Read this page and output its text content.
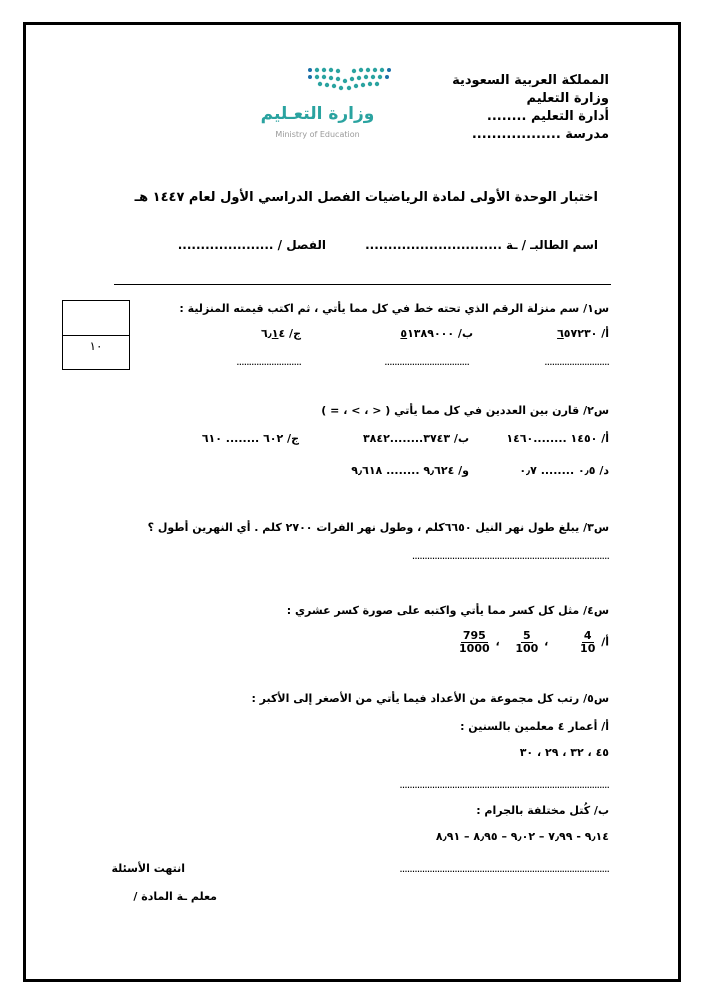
المملكة العربية السعودية
وزارة التعليم
أدارة التعليم ........
مدرسة ..................
وزارة التعـليم
Ministry of Education
اختبار الوحدة الأولى لمادة الرياضيات الفصل الدراسي الأول لعام ١٤٤٧ هـ
اسم الطالبـ / ـة ..............................
الفصل / .....................
١٠
س١/ سم منزلة الرقم الذي تحته خط في كل مما يأتي ، ثم اكتب قيمته المنزلية :
أ/ ٦٥٧٢٣٠
ب/ ٥١٣٨٩٠٠٠
ج/ ٦٫١٤
..........................
..................................
..........................
س٢/ قارن بين العددين في كل مما يأتي ( < ، > ، = )
أ/ ١٤٥٠ ........١٤٦٠
ب/ ٣٧٤٣........٣٨٤٢
ج/ ٦٠٢ ........ ٦١٠
د/ ٠٫٥ ........ ٠٫٧
و/ ٩٫٦٢٤ ........ ٩٫٦١٨
س٣/ يبلغ طول نهر النيل ٦٦٥٠كلم ، وطول نهر الفرات ٢٧٠٠ كلم . أي النهرين أطول ؟
...............................................................................
س٤/ مثل كل كسر مما يأتي واكتبه على صورة كسر عشري :
أ/
$\frac{4}{10}$
،
$\frac{5}{100}$
،
$\frac{795}{1000}$
س٥/ رتب كل مجموعة من الأعداد فيما يأتي من الأصغر إلى الأكبر :
أ/ أعمار ٤ معلمين بالسنين :
٤٥ ، ٣٢ ، ٢٩ ، ٣٠
....................................................................................
ب/ كُتل مختلفة بالجرام :
٩٫١٤ - ٧٫٩٩ – ٩٫٠٢ – ٨٫٩٥ – ٨٫٩١
....................................................................................
انتهت الأسئلة
معلم ـة المادة /
